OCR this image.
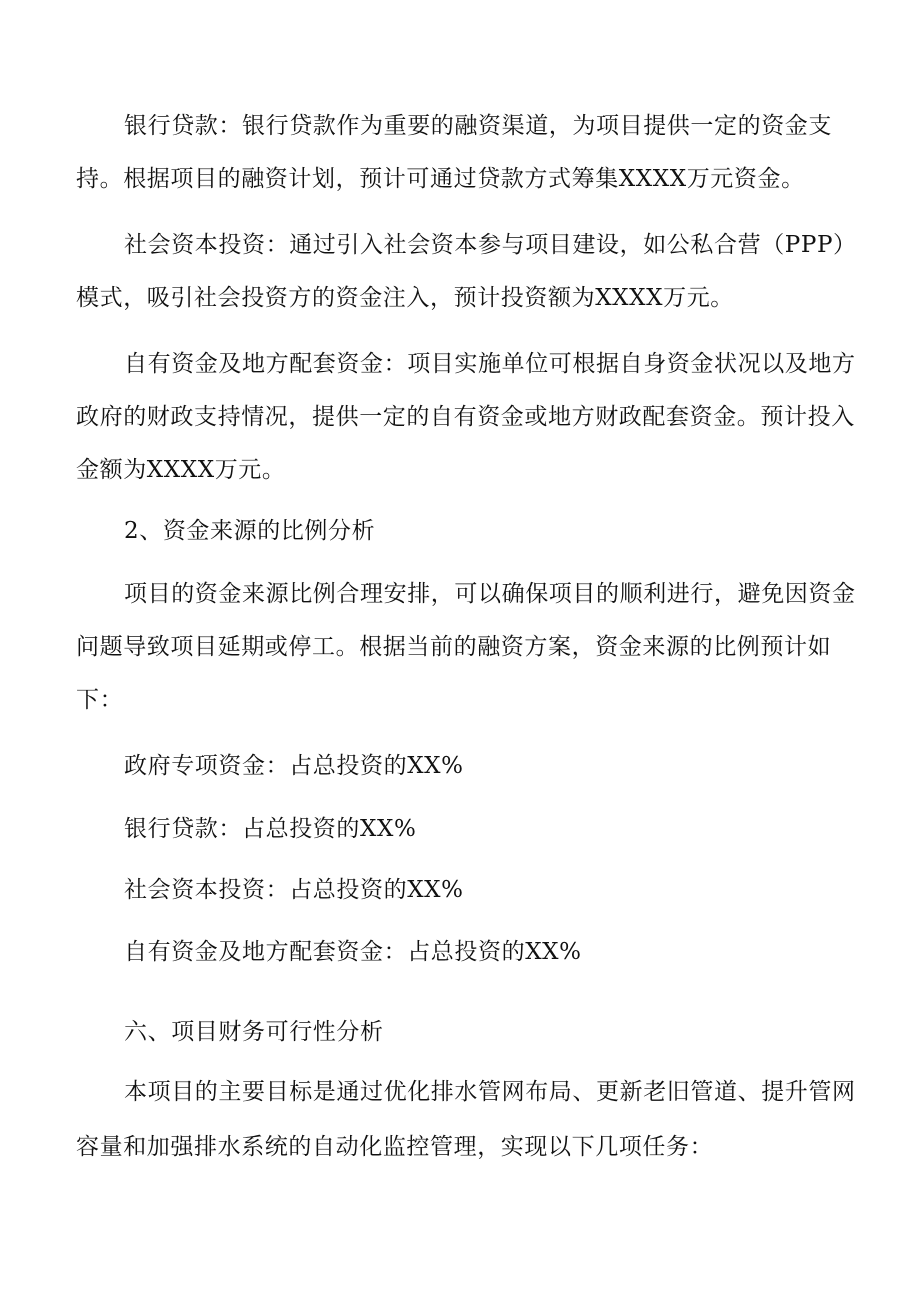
银行贷款：银行贷款作为重要的融资渠道，为项目提供一定的资金支
持。根据项目的融资计划，预计可通过贷款方式筹集XXXX万元资金。
社会资本投资：通过引入社会资本参与项目建设，如公私合营（PPP）
模式，吸引社会投资方的资金注入，预计投资额为XXXX万元。
自有资金及地方配套资金：项目实施单位可根据自身资金状况以及地方
政府的财政支持情况，提供一定的自有资金或地方财政配套资金。预计投入
金额为XXXX万元。
2、资金来源的比例分析
项目的资金来源比例合理安排，可以确保项目的顺利进行，避免因资金
问题导致项目延期或停工。根据当前的融资方案，资金来源的比例预计如
下：
政府专项资金：占总投资的XX%
银行贷款：占总投资的XX%
社会资本投资：占总投资的XX%
自有资金及地方配套资金：占总投资的XX%
六、项目财务可行性分析
本项目的主要目标是通过优化排水管网布局、更新老旧管道、提升管网
容量和加强排水系统的自动化监控管理，实现以下几项任务：
